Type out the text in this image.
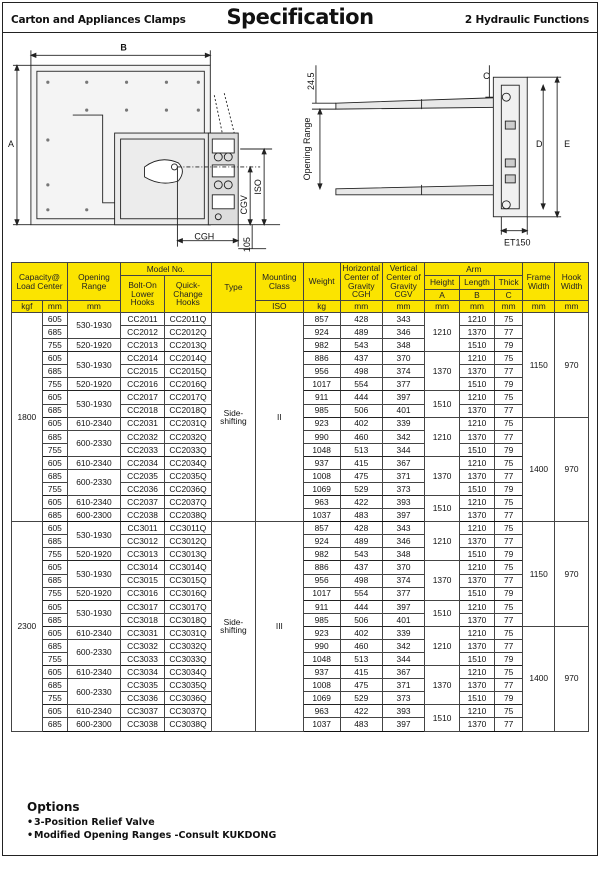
Carton and Appliances Clamps	Specification	2 Hydraulic Functions
B
A
CGV
ISO
CGH
105
24.5	C
Opening Range	D E
ET150
Capacity@ Load Center		Opening Range	Model No.		Type	Mounting Class	Weight	Horizontal Center of Gravity CGH	Vertical Center of Gravity CGV	Arm			Frame Width	Hook Width
			Bolt-On Lower Hooks	Quick-Change Hooks						Height	Length	Thick		
										A	B	C		
kgf	mm	mm				ISO	kg	mm	mm	mm	mm	mm	mm	mm
1800	605	530-1930	CC2011	CC2011Q	Side-shifting	II	857	428	343	1210	1210	75	1150	970
	685		CC2012	CC2012Q			924	489	346		1370	77		
	755	520-1920	CC2013	CC2013Q			982	543	348		1510	79		
	605	530-1930	CC2014	CC2014Q			886	437	370	1370	1210	75		
	685		CC2015	CC2015Q			956	498	374		1370	77		
	755	520-1920	CC2016	CC2016Q			1017	554	377		1510	79		
	605	530-1930	CC2017	CC2017Q			911	444	397	1510	1210	75		
	685		CC2018	CC2018Q			985	506	401		1370	77		
	605	610-2340	CC2031	CC2031Q			923	402	339	1210	1210	75	1400	970
	685	600-2330	CC2032	CC2032Q			990	460	342		1370	77		
	755		CC2033	CC2033Q			1048	513	344		1510	79		
	605	610-2340	CC2034	CC2034Q			937	415	367	1370	1210	75		
	685	600-2330	CC2035	CC2035Q			1008	475	371		1370	77		
	755		CC2036	CC2036Q			1069	529	373		1510	79		
	605	610-2340	CC2037	CC2037Q			963	422	393	1510	1210	75		
	685	600-2300	CC2038	CC2038Q			1037	483	397		1370	77		
2300	605	530-1930	CC3011	CC3011Q	Side-shifting	III	857	428	343	1210	1210	75	1150	970
	685		CC3012	CC3012Q			924	489	346		1370	77		
	755	520-1920	CC3013	CC3013Q			982	543	348		1510	79		
	605	530-1930	CC3014	CC3014Q			886	437	370	1370	1210	75		
	685		CC3015	CC3015Q			956	498	374		1370	77		
	755	520-1920	CC3016	CC3016Q			1017	554	377		1510	79		
	605	530-1930	CC3017	CC3017Q			911	444	397	1510	1210	75		
	685		CC3018	CC3018Q			985	506	401		1370	77		
	605	610-2340	CC3031	CC3031Q			923	402	339	1210	1210	75	1400	970
	685	600-2330	CC3032	CC3032Q			990	460	342		1370	77		
	755		CC3033	CC3033Q			1048	513	344		1510	79		
	605	610-2340	CC3034	CC3034Q			937	415	367	1370	1210	75		
	685	600-2330	CC3035	CC3035Q			1008	475	371		1370	77		
	755		CC3036	CC3036Q			1069	529	373		1510	79		
	605	610-2340	CC3037	CC3037Q			963	422	393	1510	1210	75		
	685	600-2300	CC3038	CC3038Q			1037	483	397		1370	77		
Options
•3-Position Relief Valve
•Modified Opening Ranges -Consult KUKDONG
